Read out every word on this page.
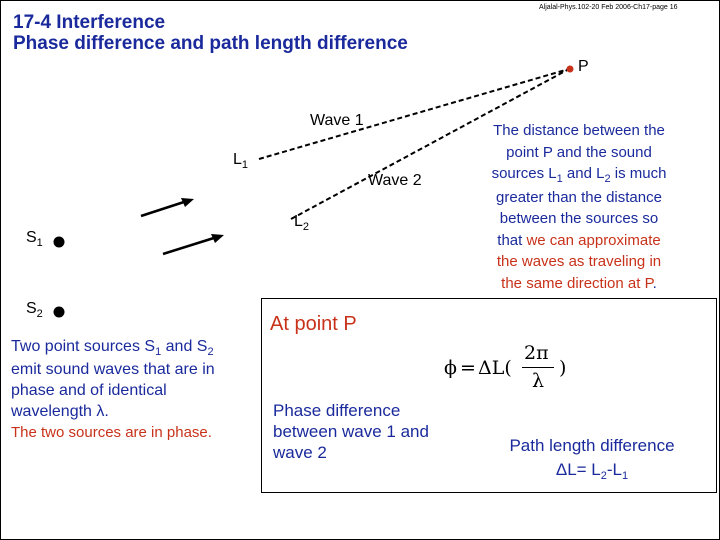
Aljalal-Phys.102-20 Feb 2006-Ch17-page 16
17-4 Interference
Phase difference and path length difference
P
Wave 1
Wave 2
$L_1$
$L_2$
$S_1$
$S_2$
The distance between the
point P and the sound
sources $L_1$ and $L_2$ is much
greater than the distance
between the sources so
that we can approximate
the waves as traveling in
the same direction at P.
Two point sources $S_1$ and $S_2$
emit sound waves that are in
phase and of identical
wavelength λ.
The two sources are in phase.
At point P
ϕ = ΔL(
2π
λ
)
Phase difference
between wave 1 and
wave 2	Path length difference
$\Delta L= L_2-L_1$
